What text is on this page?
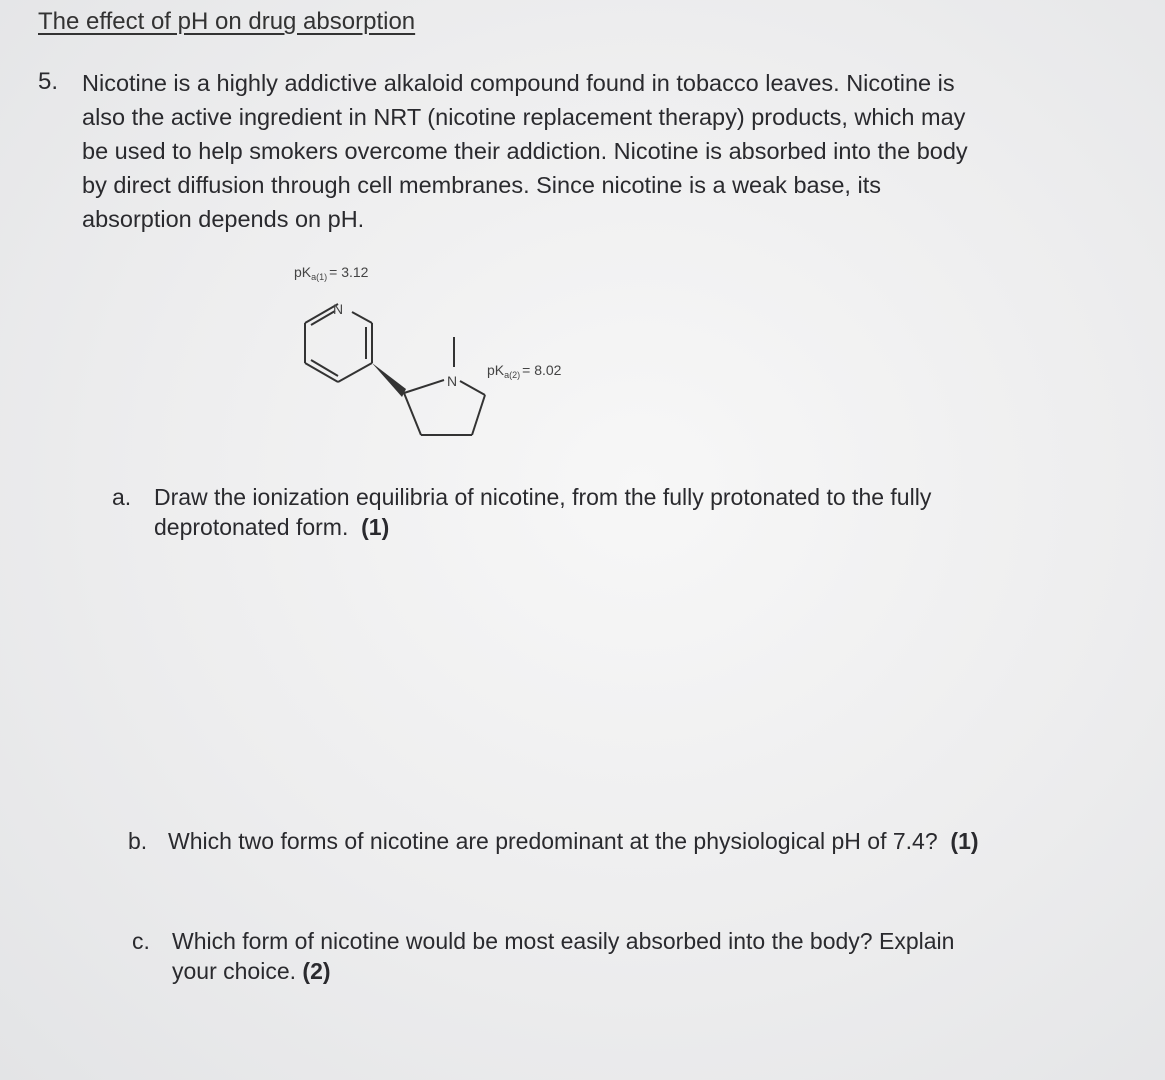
The effect of pH on drug absorption
5. Nicotine is a highly addictive alkaloid compound found in tobacco leaves. Nicotine is
also the active ingredient in NRT (nicotine replacement therapy) products, which may
be used to help smokers overcome their addiction. Nicotine is absorbed into the body
by direct diffusion through cell membranes. Since nicotine is a weak base, its
absorption depends on pH.
$pK_{a(1)} = 3.12$
$pK_{a(2)} = 8.02$
N
N
a. Draw the ionization equilibria of nicotine, from the fully protonated to the fully
deprotonated form. (1)
b. Which two forms of nicotine are predominant at the physiological pH of 7.4? (1)
c. Which form of nicotine would be most easily absorbed into the body? Explain
your choice. (2)
